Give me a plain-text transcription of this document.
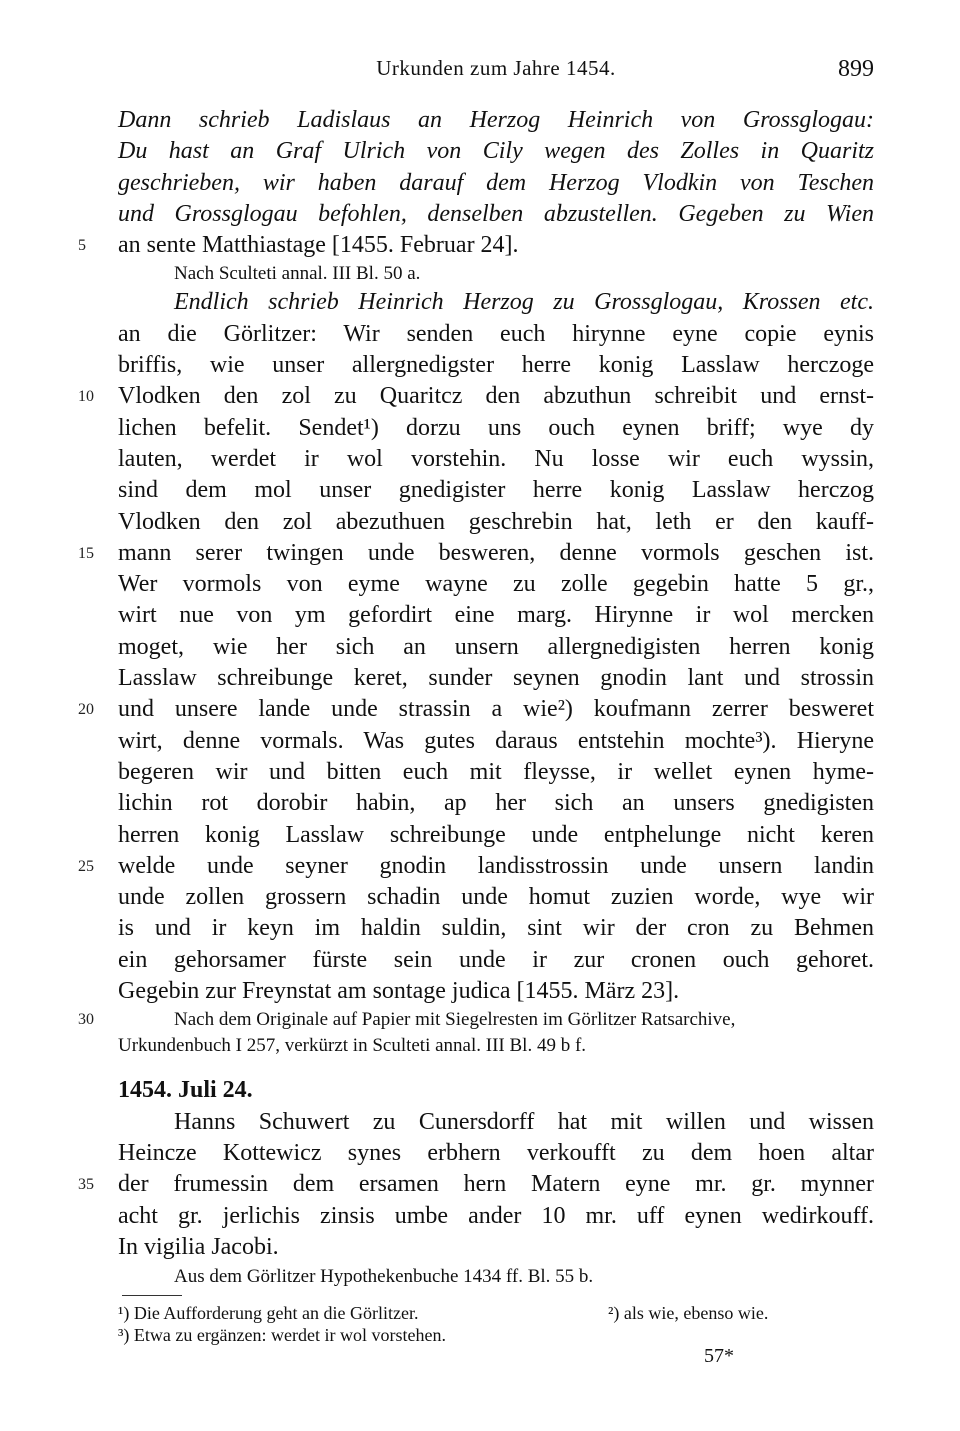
Urkunden zum Jahre 1454.	899
Dann schrieb Ladislaus an Herzog Heinrich von Grossglogau:
Du hast an Graf Ulrich von Cily wegen des Zolles in Quaritz
geschrieben, wir haben darauf dem Herzog Vlodkin von Teschen
und Grossglogau befohlen, denselben abzustellen. Gegeben zu Wien
5	an sente Matthiastage [1455. Februar 24].
Nach Sculteti annal. III Bl. 50 a.
Endlich schrieb Heinrich Herzog zu Grossglogau, Krossen etc.
an die Görlitzer: Wir senden euch hirynne eyne copie eynis
briffis, wie unser allergnedigster herre konig Lasslaw herczoge
10	Vlodken den zol zu Quaritcz den abzuthun schreibit und ernst-
lichen befelit. Sendet¹) dorzu uns ouch eynen briff; wye dy
lauten, werdet ir wol vorstehin. Nu losse wir euch wyssin,
sind dem mol unser gnedigister herre konig Lasslaw herczog
Vlodken den zol abezuthuen geschrebin hat, leth er den kauff-
15	mann serer twingen unde besweren, denne vormols geschen ist.
Wer vormols von eyme wayne zu zolle gegebin hatte 5 gr.,
wirt nue von ym gefordirt eine marg. Hirynne ir wol mercken
moget, wie her sich an unsern allergnedigisten herren konig
Lasslaw schreibunge keret, sunder seynen gnodin lant und strossin
20	und unsere lande unde strassin a wie²) koufmann zerrer besweret
wirt, denne vormals. Was gutes daraus entstehin mochte³). Hieryne
begeren wir und bitten euch mit fleysse, ir wellet eynen hyme-
lichin rot dorobir habin, ap her sich an unsers gnedigisten
herren konig Lasslaw schreibunge unde entphelunge nicht keren
25	welde unde seyner gnodin landisstrossin unde unsern landin
unde zollen grossern schadin unde homut zuzien worde, wye wir
is und ir keyn im haldin suldin, sint wir der cron zu Behmen
ein gehorsamer fürste sein unde ir zur cronen ouch gehoret.
Gegebin zur Freynstat am sontage judica [1455. März 23].
30	Nach dem Originale auf Papier mit Siegelresten im Görlitzer Ratsarchive,
Urkundenbuch I 257, verkürzt in Sculteti annal. III Bl. 49 b f.
1454. Juli 24.
Hanns Schuwert zu Cunersdorff hat mit willen und wissen
Heincze Kottewicz synes erbhern verkoufft zu dem hoen altar
35	der frumessin dem ersamen hern Matern eyne mr. gr. mynner
acht gr. jerlichis zinsis umbe ander 10 mr. uff eynen wedirkouff.
In vigilia Jacobi.
Aus dem Görlitzer Hypothekenbuche 1434 ff. Bl. 55 b.
¹) Die Aufforderung geht an die Görlitzer.	²) als wie, ebenso wie.
³) Etwa zu ergänzen: werdet ir wol vorstehen.
57*
